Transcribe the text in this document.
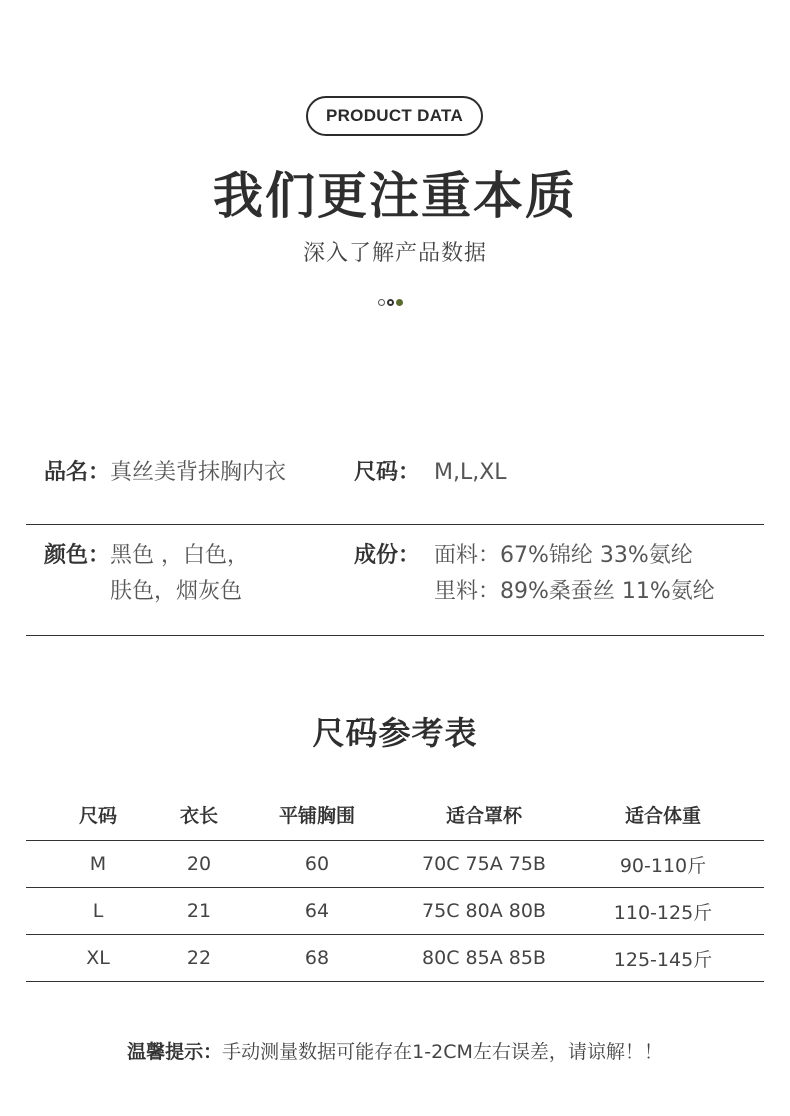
PRODUCT DATA
我们更注重本质
深入了解产品数据
品名：真丝美背抹胸内衣	尺码： M,L,XL
颜色： 黑色 ，白色，
肤色，烟灰色
成份： 面料：67%锦纶 33%氨纶
里料：89%桑蚕丝 11%氨纶
尺码参考表
尺码	衣长	平铺胸围	适合罩杯	适合体重
M	20	60	70C 75A 75B	90-110斤
L	21	64	75C 80A 80B	110-125斤
XL	22	68	80C 85A 85B	125-145斤
温馨提示：手动测量数据可能存在1-2CM左右误差，请谅解！！
